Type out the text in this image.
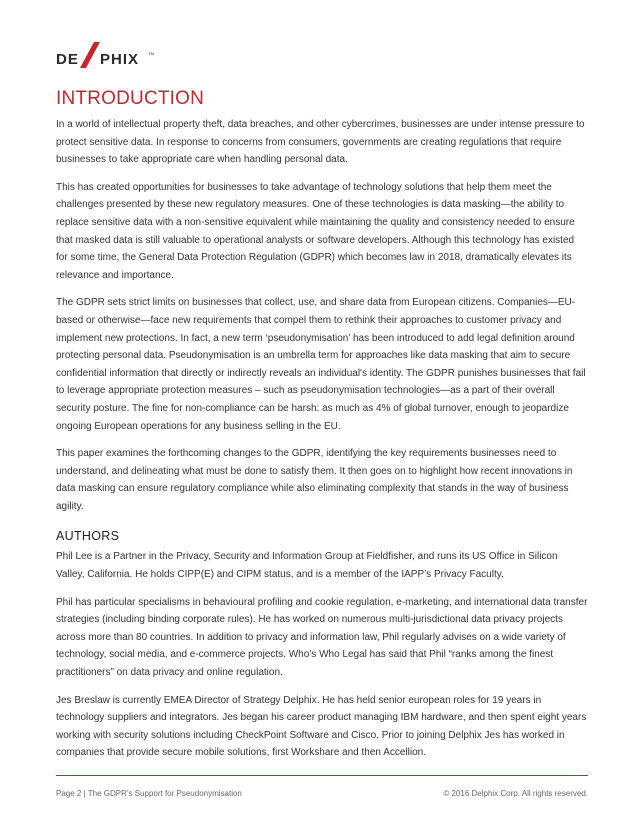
DE PHIX TM
INTRODUCTION

In a world of intellectual property theft, data breaches, and other cybercrimes, businesses are under intense pressure to protect sensitive data. In response to concerns from consumers, governments are creating regulations that require businesses to take appropriate care when handling personal data.

This has created opportunities for businesses to take advantage of technology solutions that help them meet the challenges presented by these new regulatory measures. One of these technologies is data masking—the ability to replace sensitive data with a non-sensitive equivalent while maintaining the quality and consistency needed to ensure that masked data is still valuable to operational analysts or software developers. Although this technology has existed for some time, the General Data Protection Regulation (GDPR) which becomes law in 2018, dramatically elevates its relevance and importance.

The GDPR sets strict limits on businesses that collect, use, and share data from European citizens. Companies—EU-based or otherwise—face new requirements that compel them to rethink their approaches to customer privacy and implement new protections. In fact, a new term ‘pseudonymisation’ has been introduced to add legal definition around protecting personal data. Pseudonymisation is an umbrella term for approaches like data masking that aim to secure confidential information that directly or indirectly reveals an individual's identity. The GDPR punishes businesses that fail to leverage appropriate protection measures – such as pseudonymisation technologies—as a part of their overall security posture. The fine for non-compliance can be harsh: as much as 4% of global turnover, enough to jeopardize ongoing European operations for any business selling in the EU.

This paper examines the forthcoming changes to the GDPR, identifying the key requirements businesses need to understand, and delineating what must be done to satisfy them. It then goes on to highlight how recent innovations in data masking can ensure regulatory compliance while also eliminating complexity that stands in the way of business agility.

AUTHORS

Phil Lee is a Partner in the Privacy, Security and Information Group at Fieldfisher, and runs its US Office in Silicon Valley, California. He holds CIPP(E) and CIPM status, and is a member of the IAPP’s Privacy Faculty.

Phil has particular specialisms in behavioural profiling and cookie regulation, e-marketing, and international data transfer strategies (including binding corporate rules). He has worked on numerous multi-jurisdictional data privacy projects across more than 80 countries. In addition to privacy and information law, Phil regularly advises on a wide variety of technology, social media, and e-commerce projects. Who’s Who Legal has said that Phil “ranks among the finest practitioners” on data privacy and online regulation.

Jes Breslaw is currently EMEA Director of Strategy Delphix. He has held senior european roles for 19 years in technology suppliers and integrators. Jes began his career product managing IBM hardware, and then spent eight years working with security solutions including CheckPoint Software and Cisco. Prior to joining Delphix Jes has worked in companies that provide secure mobile solutions, first Workshare and then Accellion.

Page 2 | The GDPR’s Support for Pseudonymisation	© 2016 Delphix Corp. All rights reserved.
